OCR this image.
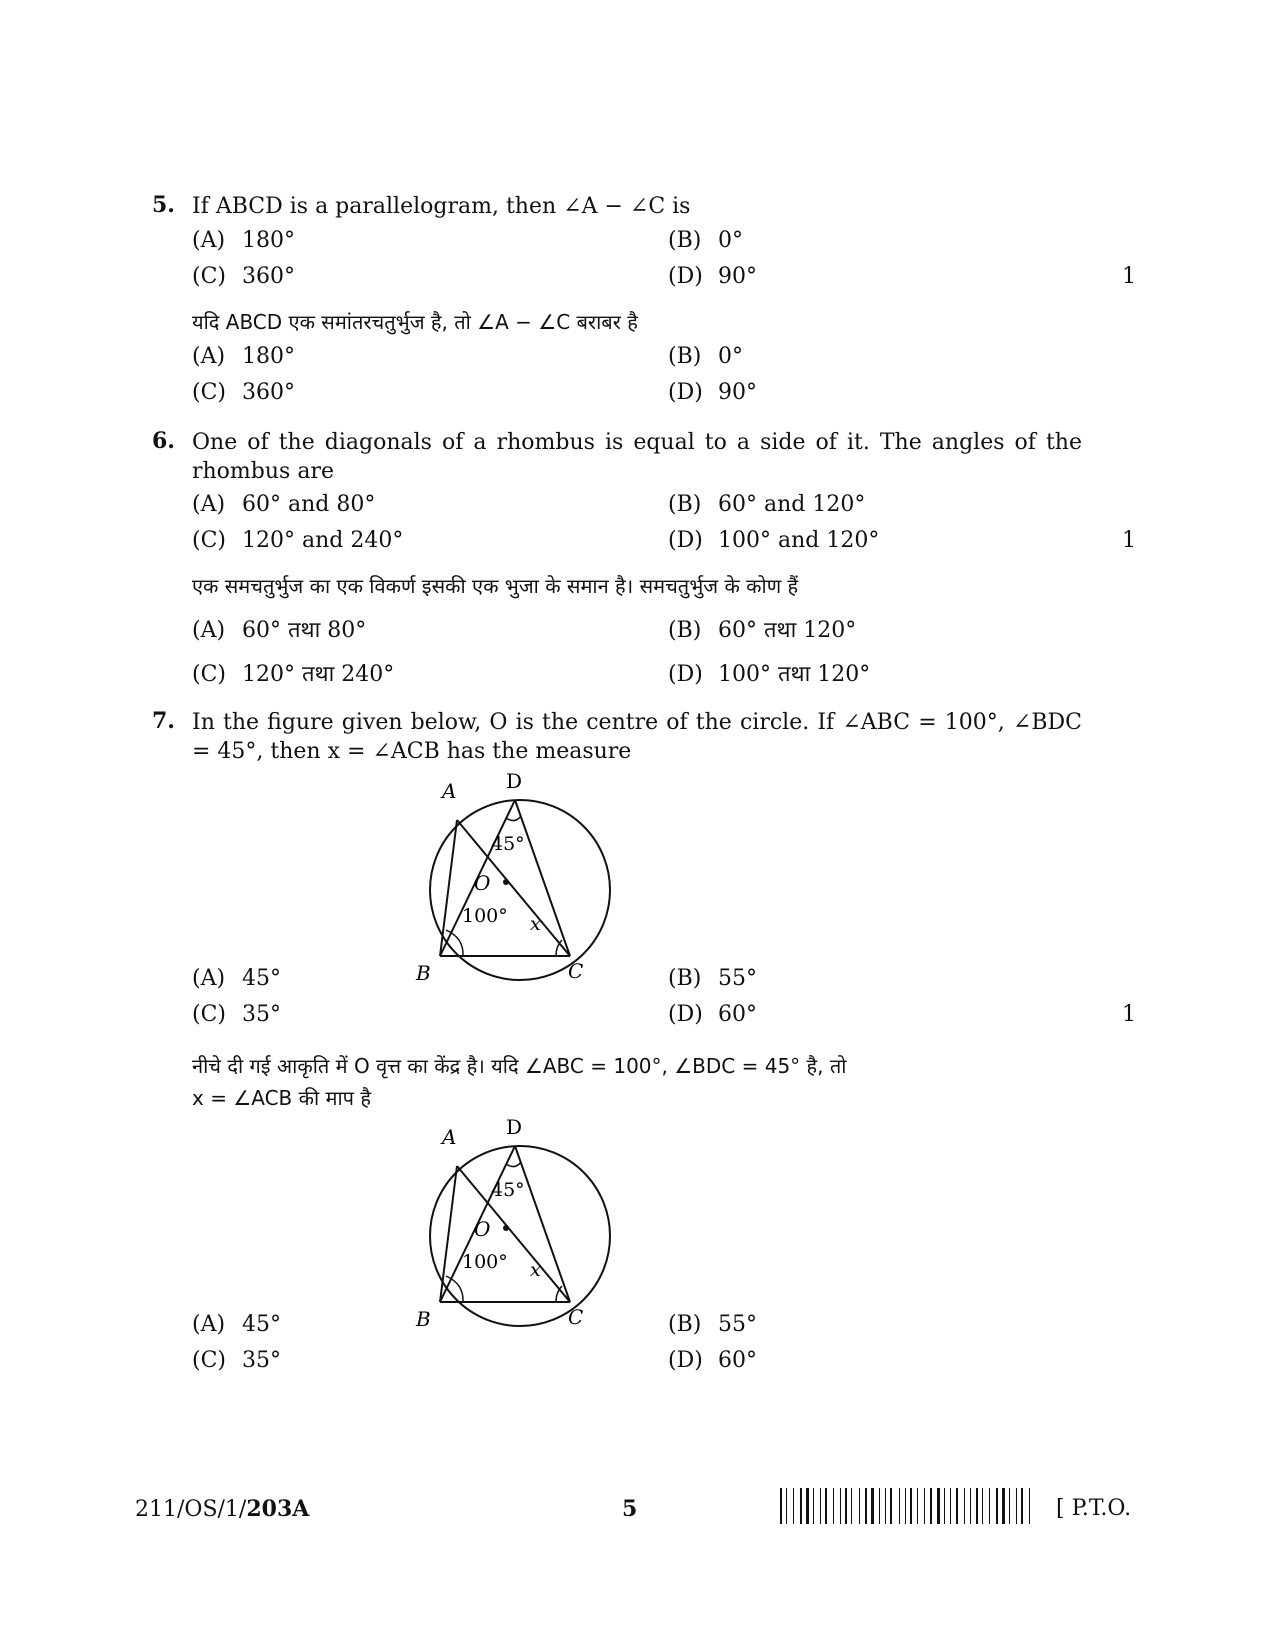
5. If ABCD is a parallelogram, then ∠A − ∠C is
(A) 180°	(B) 0°
(C) 360°	(D) 90°	1
यदि ABCD एक समांतरचतुर्भुज है, तो ∠A − ∠C बराबर है
(A) 180°	(B) 0°
(C) 360°	(D) 90°
6. One of the diagonals of a rhombus is equal to a side of it. The angles of the rhombus are
(A) 60° and 80°	(B) 60° and 120°
(C) 120° and 240°	(D) 100° and 120°	1
एक समचतुर्भुज का एक विकर्ण इसकी एक भुजा के समान है। समचतुर्भुज के कोण हैं
(A) 60° तथा 80°	(B) 60° तथा 120°
(C) 120° तथा 240°	(D) 100° तथा 120°
7. In the figure given below, O is the centre of the circle. If ∠ABC = 100°, ∠BDC = 45°, then x = ∠ACB has the measure
A D
B	C
O
45°
100° x
(A) 45°	(B) 55°
(C) 35°	(D) 60°	1
नीचे दी गई आकृति में O वृत्त का केंद्र है। यदि ∠ABC = 100°, ∠BDC = 45° है, तो
x = ∠ACB की माप है
A D
B	C
O
45°
100° x
(A) 45°	(B) 55°
(C) 35°	(D) 60°
211/OS/1/203A	5	[ P.T.O.
